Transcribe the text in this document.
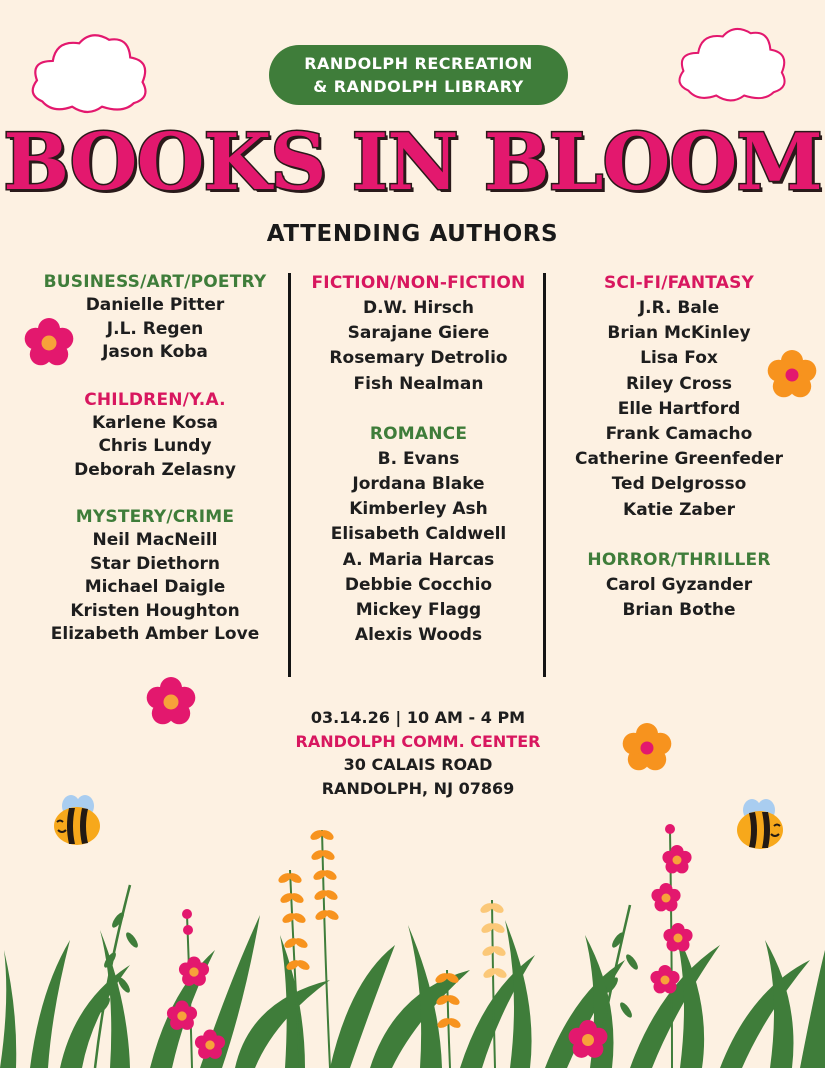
RANDOLPH RECREATION
& RANDOLPH LIBRARY
BOOKS IN BLOOM
ATTENDING AUTHORS
BUSINESS/ART/POETRY
Danielle Pitter
J.L. Regen
Jason Koba
CHILDREN/Y.A.
Karlene Kosa
Chris Lundy
Deborah Zelasny
MYSTERY/CRIME
Neil MacNeill
Star Diethorn
Michael Daigle
Kristen Houghton
Elizabeth Amber Love
FICTION/NON-FICTION
D.W. Hirsch
Sarajane Giere
Rosemary Detrolio
Fish Nealman
ROMANCE
B. Evans
Jordana Blake
Kimberley Ash
Elisabeth Caldwell
A. Maria Harcas
Debbie Cocchio
Mickey Flagg
Alexis Woods
SCI-FI/FANTASY
J.R. Bale
Brian McKinley
Lisa Fox
Riley Cross
Elle Hartford
Frank Camacho
Catherine Greenfeder
Ted Delgrosso
Katie Zaber
HORROR/THRILLER
Carol Gyzander
Brian Bothe
03.14.26 | 10 AM - 4 PM
RANDOLPH COMM. CENTER
30 CALAIS ROAD
RANDOLPH, NJ 07869
